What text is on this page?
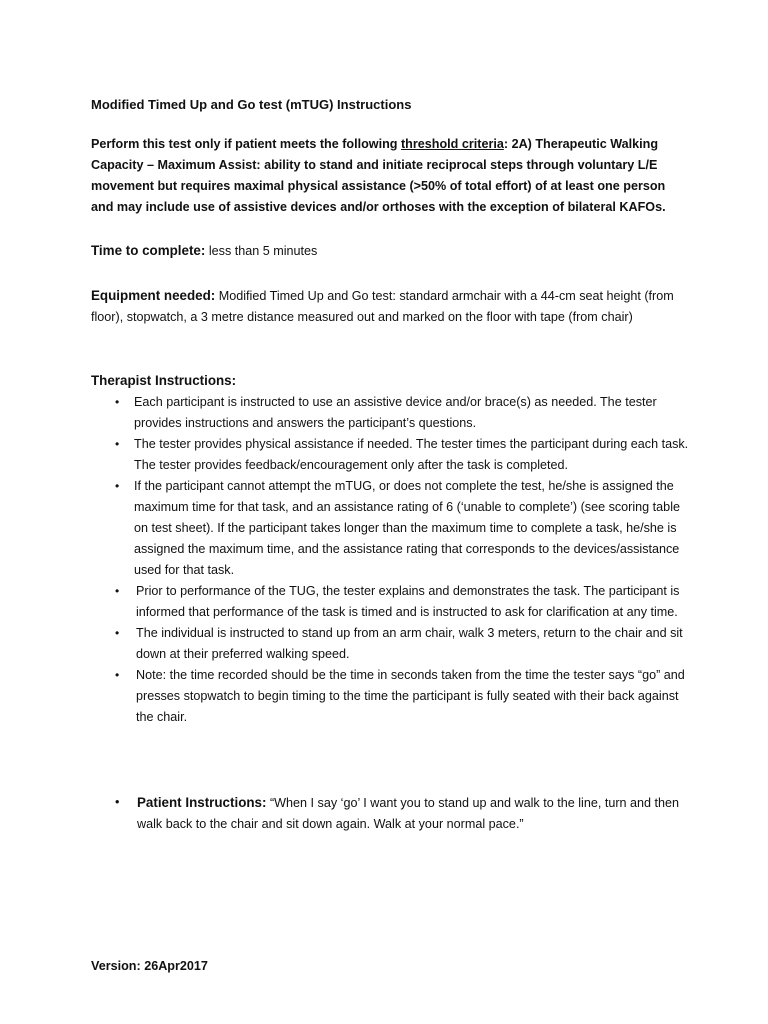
Modified Timed Up and Go test (mTUG) Instructions
Perform this test only if patient meets the following threshold criteria: 2A) Therapeutic Walking Capacity – Maximum Assist: ability to stand and initiate reciprocal steps through voluntary L/E movement but requires maximal physical assistance (>50% of total effort) of at least one person and may include use of assistive devices and/or orthoses with the exception of bilateral KAFOs.
Time to complete: less than 5 minutes
Equipment needed: Modified Timed Up and Go test: standard armchair with a 44-cm seat height (from floor), stopwatch, a 3 metre distance measured out and marked on the floor with tape (from chair)
Therapist Instructions:
• Each participant is instructed to use an assistive device and/or brace(s) as needed. The tester provides instructions and answers the participant’s questions.
• The tester provides physical assistance if needed. The tester times the participant during each task. The tester provides feedback/encouragement only after the task is completed.
• If the participant cannot attempt the mTUG, or does not complete the test, he/she is assigned the maximum time for that task, and an assistance rating of 6 (‘unable to complete’) (see scoring table on test sheet). If the participant takes longer than the maximum time to complete a task, he/she is assigned the maximum time, and the assistance rating that corresponds to the devices/assistance used for that task.
• Prior to performance of the TUG, the tester explains and demonstrates the task. The participant is informed that performance of the task is timed and is instructed to ask for clarification at any time.
• The individual is instructed to stand up from an arm chair, walk 3 meters, return to the chair and sit down at their preferred walking speed.
• Note: the time recorded should be the time in seconds taken from the time the tester says “go” and presses stopwatch to begin timing to the time the participant is fully seated with their back against the chair.
•	Patient Instructions: “When I say ‘go’ I want you to stand up and walk to the line, turn and then walk back to the chair and sit down again. Walk at your normal pace.”
Version: 26Apr2017
